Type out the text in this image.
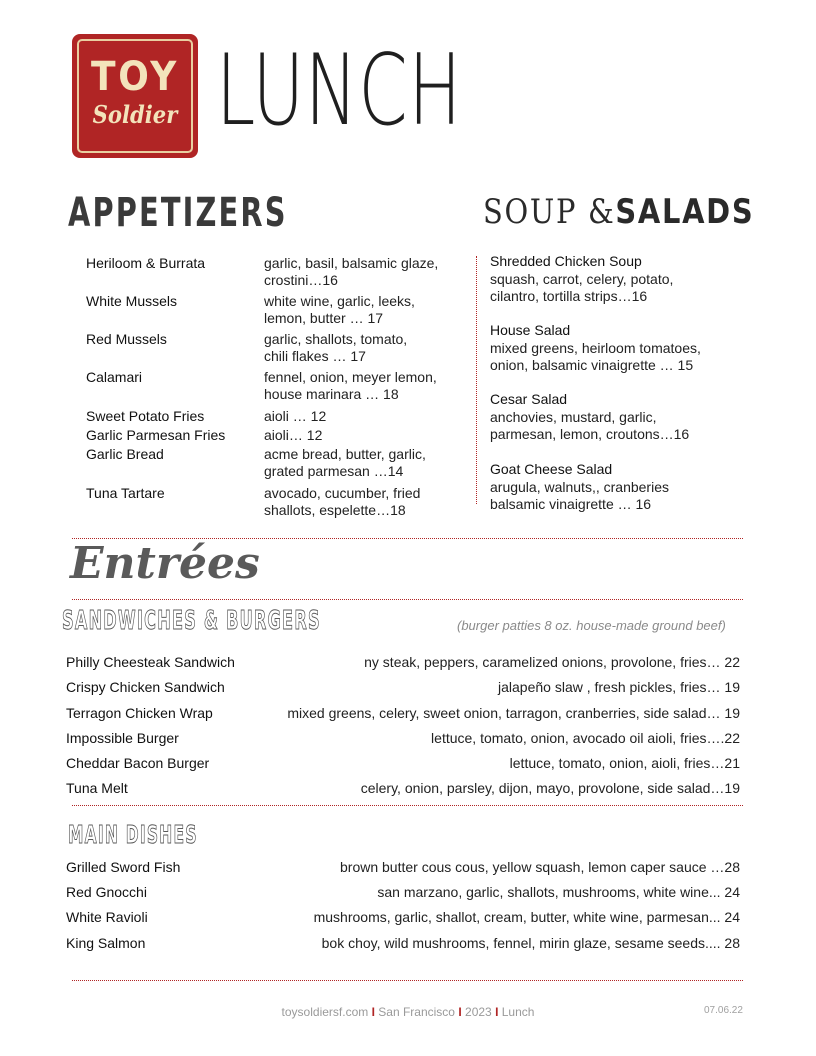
TOY
Soldier LUNCH
APPETIZERS
Heriloom & Burrata	garlic, basil, balsamic glaze,
crostini…16
White Mussels	white wine, garlic, leeks,
lemon, butter … 17
Red Mussels	garlic, shallots, tomato,
chili flakes … 17
Calamari	fennel, onion, meyer lemon,
house marinara … 18
Sweet Potato Fries	aioli … 12
Garlic Parmesan Fries	aioli… 12
Garlic Bread	acme bread, butter, garlic,
grated parmesan …14
Tuna Tartare	avocado, cucumber, fried
shallots, espelette…18
SOUP &SALADS
Shredded Chicken Soup
squash, carrot, celery, potato,
cilantro, tortilla strips…16
House Salad
mixed greens, heirloom tomatoes,
onion, balsamic vinaigrette … 15
Cesar Salad
anchovies, mustard, garlic,
parmesan, lemon, croutons…16
Goat Cheese Salad
arugula, walnuts,, cranberies
balsamic vinaigrette … 16
Entrées
SANDWICHES & BURGERS	(burger patties 8 oz. house-made ground beef)
Philly Cheesteak Sandwich	ny steak, peppers, caramelized onions, provolone, fries… 22
Crispy Chicken Sandwich	jalapeño slaw , fresh pickles, fries… 19
Terragon Chicken Wrap	mixed greens, celery, sweet onion, tarragon, cranberries, side salad… 19
Impossible Burger	lettuce, tomato, onion, avocado oil aioli, fries….22
Cheddar Bacon Burger	lettuce, tomato, onion, aioli, fries…21
Tuna Melt	celery, onion, parsley, dijon, mayo, provolone, side salad…19
MAIN DISHES
Grilled Sword Fish	brown butter cous cous, yellow squash, lemon caper sauce …28
Red Gnocchi	san marzano, garlic, shallots, mushrooms, white wine... 24
White Ravioli	mushrooms, garlic, shallot, cream, butter, white wine, parmesan... 24
King Salmon	bok choy, wild mushrooms, fennel, mirin glaze, sesame seeds.... 28
toysoldiersf.com I San Francisco I 2023 I Lunch	07.06.22
